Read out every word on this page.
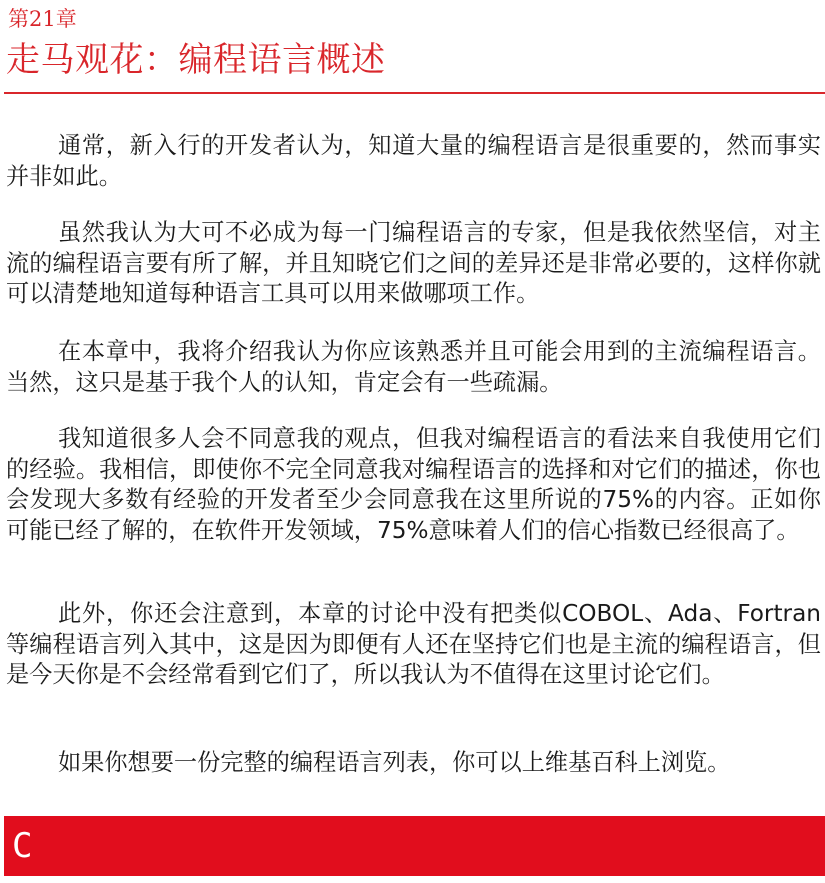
第21章
走马观花：编程语言概述

通常，新入行的开发者认为，知道大量的编程语言是很重要的，然而事实并非如此。

虽然我认为大可不必成为每一门编程语言的专家，但是我依然坚信，对主流的编程语言要有所了解，并且知晓它们之间的差异还是非常必要的，这样你就可以清楚地知道每种语言工具可以用来做哪项工作。

在本章中，我将介绍我认为你应该熟悉并且可能会用到的主流编程语言。当然，这只是基于我个人的认知，肯定会有一些疏漏。

我知道很多人会不同意我的观点，但我对编程语言的看法来自我使用它们的经验。我相信，即使你不完全同意我对编程语言的选择和对它们的描述，你也会发现大多数有经验的开发者至少会同意我在这里所说的75%的内容。正如你可能已经了解的，在软件开发领域，75%意味着人们的信心指数已经很高了。

此外，你还会注意到，本章的讨论中没有把类似COBOL、Ada、Fortran等编程语言列入其中，这是因为即便有人还在坚持它们也是主流的编程语言，但是今天你是不会经常看到它们了，所以我认为不值得在这里讨论它们。

如果你想要一份完整的编程语言列表，你可以上维基百科上浏览。

C
